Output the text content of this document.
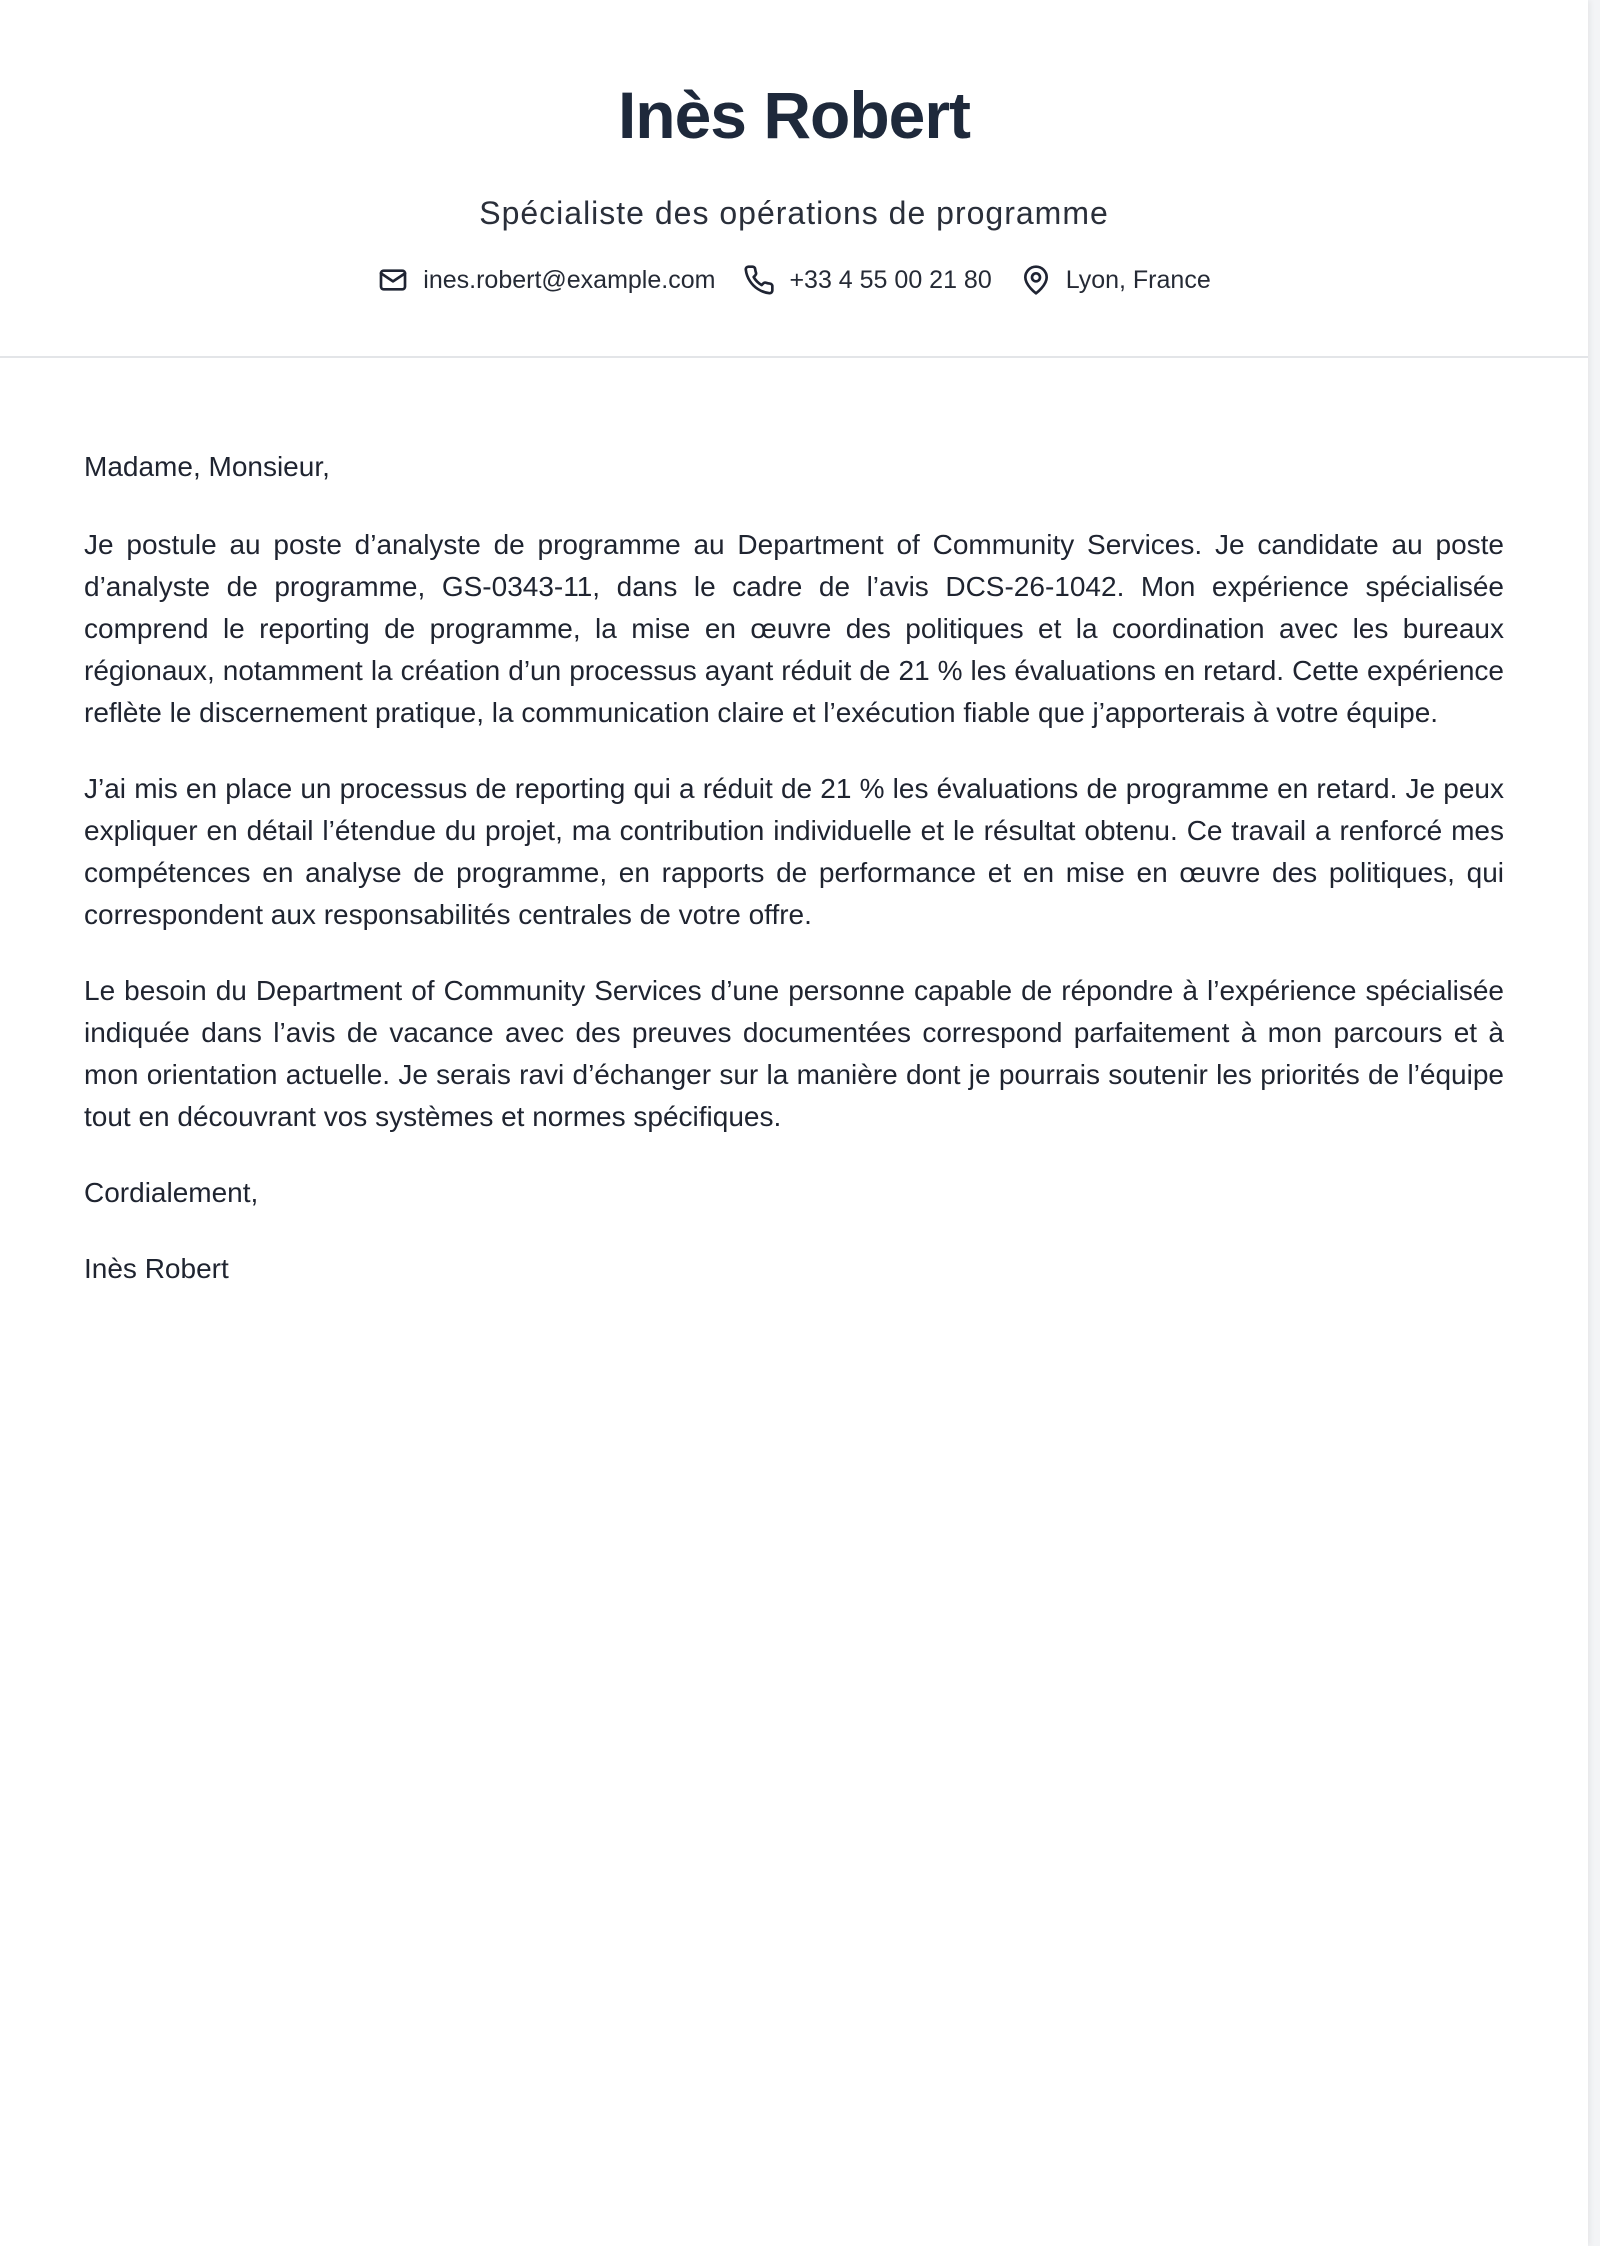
Inès Robert
Spécialiste des opérations de programme
ines.robert@example.com	+33 4 55 00 21 80	Lyon, France

Madame, Monsieur,

Je postule au poste d’analyste de programme au Department of Community Services. Je candidate au poste d’analyste de programme, GS-0343-11, dans le cadre de l’avis DCS-26-1042. Mon expérience spécialisée comprend le reporting de programme, la mise en œuvre des politiques et la coordination avec les bureaux régionaux, notamment la création d’un processus ayant réduit de 21 % les évaluations en retard. Cette expérience reflète le discernement pratique, la communication claire et l’exécution fiable que j’apporterais à votre équipe.

J’ai mis en place un processus de reporting qui a réduit de 21 % les évaluations de programme en retard. Je peux expliquer en détail l’étendue du projet, ma contribution individuelle et le résultat obtenu. Ce travail a renforcé mes compétences en analyse de programme, en rapports de performance et en mise en œuvre des politiques, qui correspondent aux responsabilités centrales de votre offre.

Le besoin du Department of Community Services d’une personne capable de répondre à l’expérience spécialisée indiquée dans l’avis de vacance avec des preuves documentées correspond parfaitement à mon parcours et à mon orientation actuelle. Je serais ravi d’échanger sur la manière dont je pourrais soutenir les priorités de l’équipe tout en découvrant vos systèmes et normes spécifiques.

Cordialement,

Inès Robert
